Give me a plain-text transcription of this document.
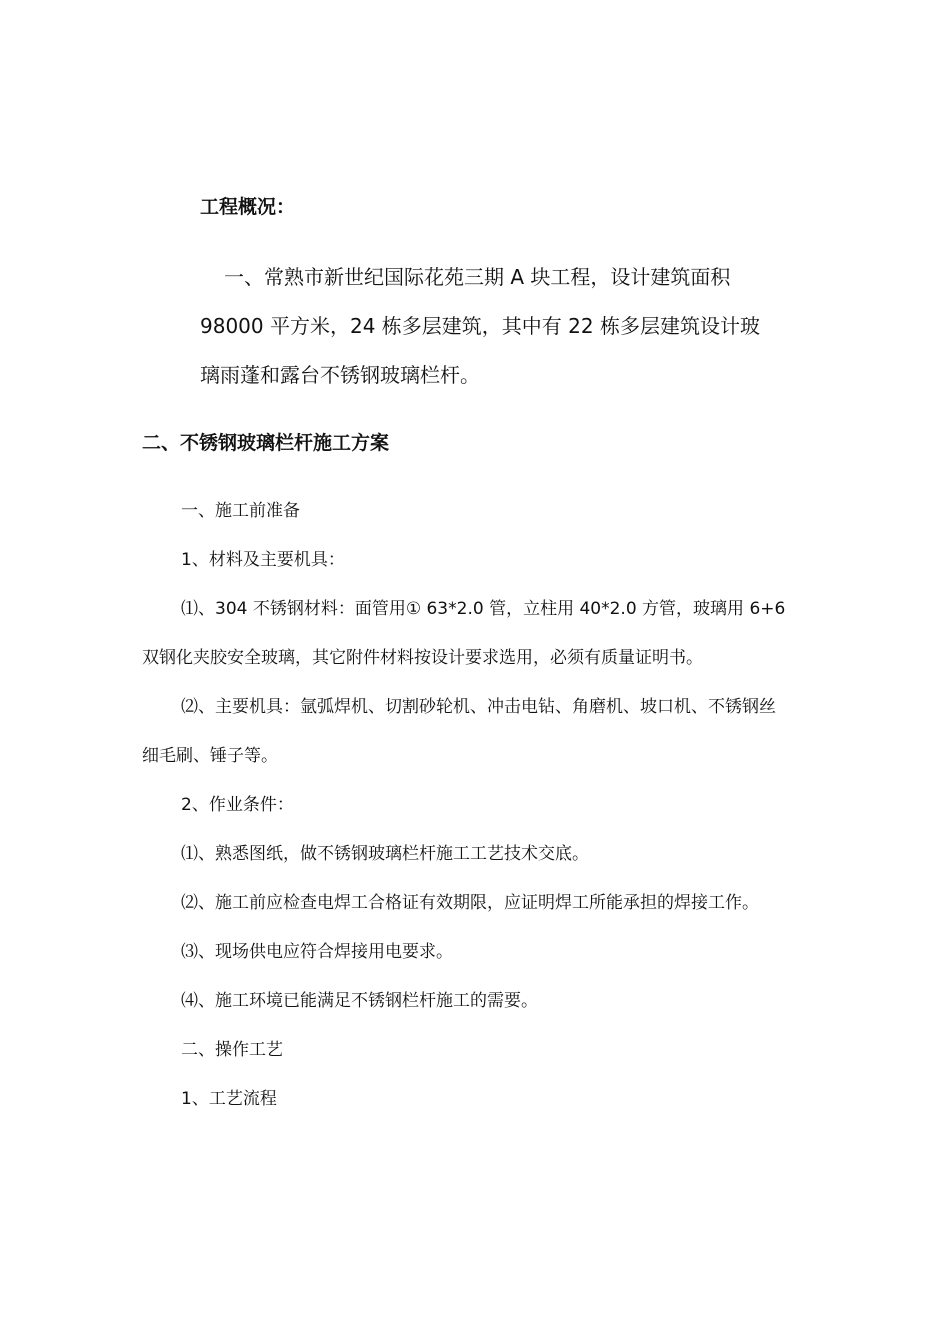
工程概况：

一、常熟市新世纪国际花苑三期 A 块工程，设计建筑面积

98000 平方米，24 栋多层建筑，其中有 22 栋多层建筑设计玻

璃雨蓬和露台不锈钢玻璃栏杆。

二、不锈钢玻璃栏杆施工方案

一、施工前准备

1、材料及主要机具：

⑴、304 不锈钢材料：面管用① 63*2.0 管，立柱用 40*2.0 方管，玻璃用 6+6

双钢化夹胶安全玻璃，其它附件材料按设计要求选用，必须有质量证明书。

⑵、主要机具：氩弧焊机、切割砂轮机、冲击电钻、角磨机、坡口机、不锈钢丝

细毛刷、锤子等。

2、作业条件：

⑴、熟悉图纸，做不锈钢玻璃栏杆施工工艺技术交底。

⑵、施工前应检查电焊工合格证有效期限，应证明焊工所能承担的焊接工作。

⑶、现场供电应符合焊接用电要求。

⑷、施工环境已能满足不锈钢栏杆施工的需要。

二、操作工艺

1、工艺流程
